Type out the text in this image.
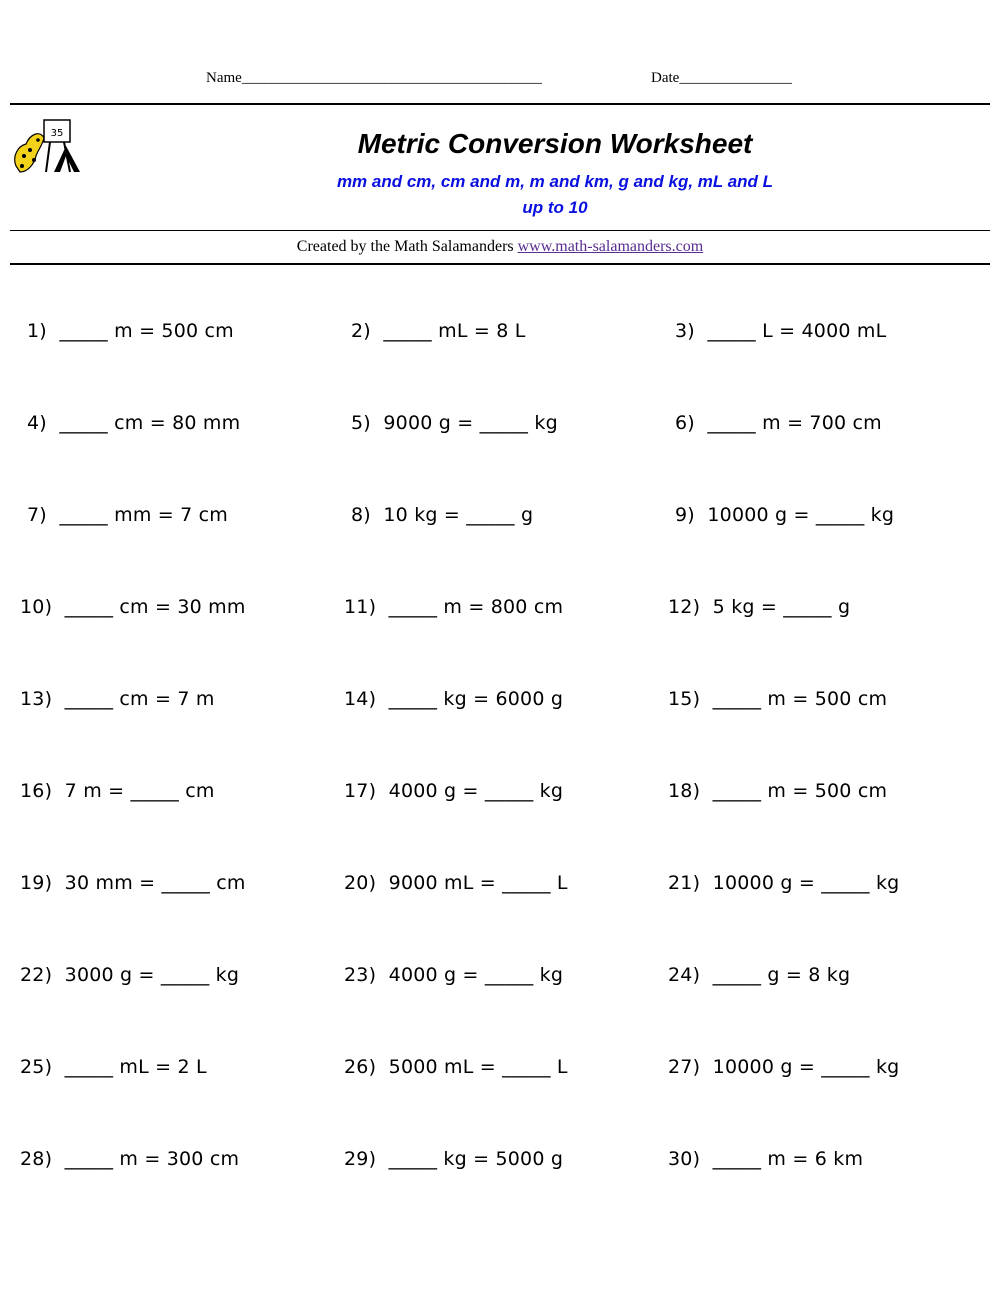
Name________________________________________	Date_______________
35	Metric Conversion Worksheet
mm and cm, cm and m, m and km, g and kg, mL and L
up to 10
Created by the Math Salamanders www.math-salamanders.com
1)  _____ m = 500 cm	2)  _____ mL = 8 L	3)  _____ L = 4000 mL
4)  _____ cm = 80 mm	5)  9000 g = _____ kg	6)  _____ m = 700 cm
7)  _____ mm = 7 cm	8)  10 kg = _____ g	9)  10000 g = _____ kg
10)  _____ cm = 30 mm	11)  _____ m = 800 cm	12)  5 kg = _____ g
13)  _____ cm = 7 m	14)  _____ kg = 6000 g	15)  _____ m = 500 cm
16)  7 m = _____ cm	17)  4000 g = _____ kg	18)  _____ m = 500 cm
19)  30 mm = _____ cm	20)  9000 mL = _____ L	21)  10000 g = _____ kg
22)  3000 g = _____ kg	23)  4000 g = _____ kg	24)  _____ g = 8 kg
25)  _____ mL = 2 L	26)  5000 mL = _____ L	27)  10000 g = _____ kg
28)  _____ m = 300 cm	29)  _____ kg = 5000 g	30)  _____ m = 6 km
